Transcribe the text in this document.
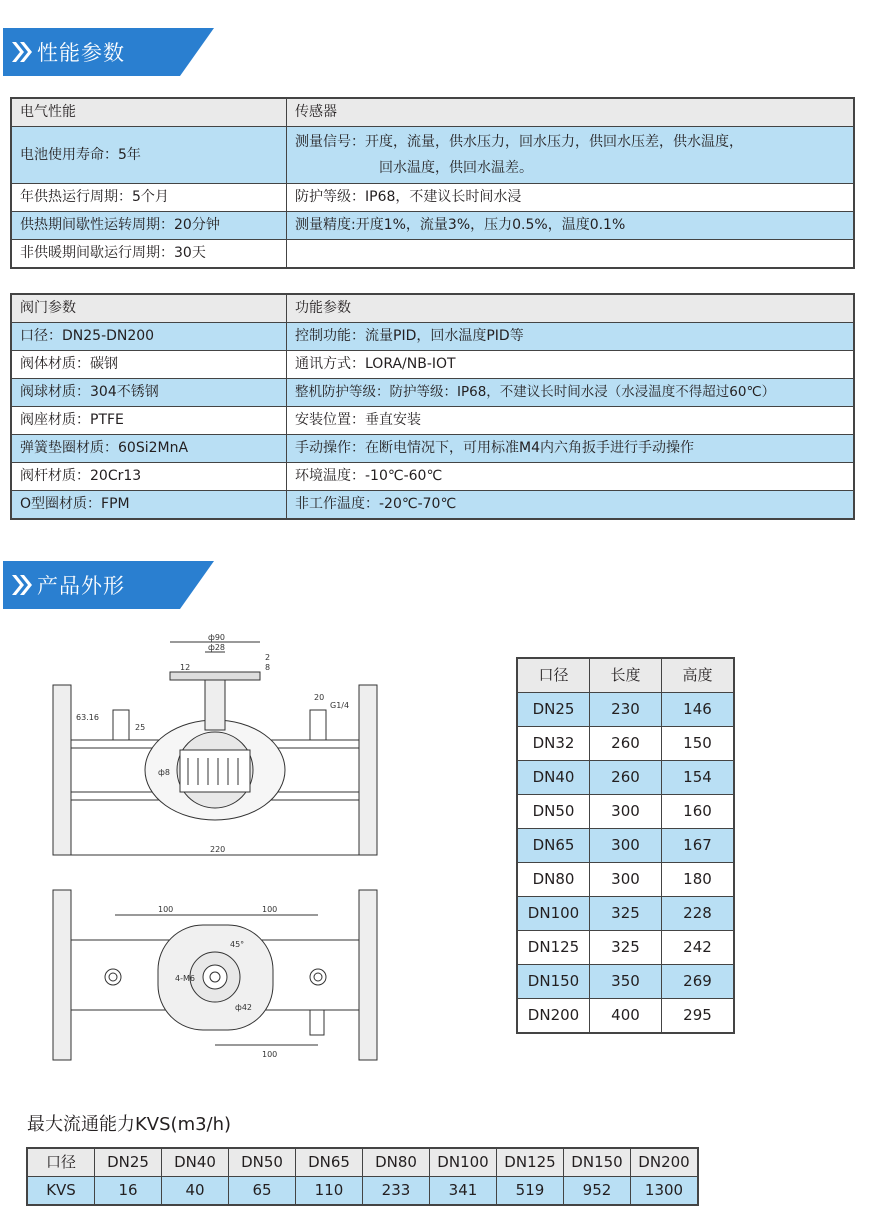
性能参数
电气性能	传感器
电池使用寿命：5年	测量信号：开度，流量，供水压力，回水压力，供回水压差，供水温度，
回水温度，供回水温差。

年供热运行周期：5个月	防护等级：IP68，不建议长时间水浸
供热期间歇性运转周期：20分钟	测量精度:开度1%，流量3%，压力0.5%，温度0.1%
非供暖期间歇运行周期：30天	
阀门参数	功能参数
口径：DN25-DN200	控制功能：流量PID，回水温度PID等
阀体材质：碳钢	通讯方式：LORA/NB-IOT
阀球材质：304不锈钢	整机防护等级：防护等级：IP68，不建议长时间水浸（水浸温度不得超过60℃）
阀座材质：PTFE	安装位置：垂直安装
弹簧垫圈材质：60Si2MnA	手动操作：在断电情况下，可用标准M4内六角扳手进行手动操作
阀杆材质：20Cr13	环境温度：-10℃-60℃
O型圈材质：FPM	非工作温度：-20℃-70℃
产品外形
ф90
ф28
12	8
2
20
G1/4
63.16
25
ф8
220
100	100
100
4-M6
45°
ф42
口径	长度	高度
DN25	230	146
DN32	260	150
DN40	260	154
DN50	300	160
DN65	300	167
DN80	300	180
DN100	325	228
DN125	325	242
DN150	350	269
DN200	400	295
最大流通能力KVS(m3/h)
口径	DN25	DN40	DN50	DN65	DN80	DN100	DN125	DN150	DN200
KVS	16	40	65	110	233	341	519	952	1300
